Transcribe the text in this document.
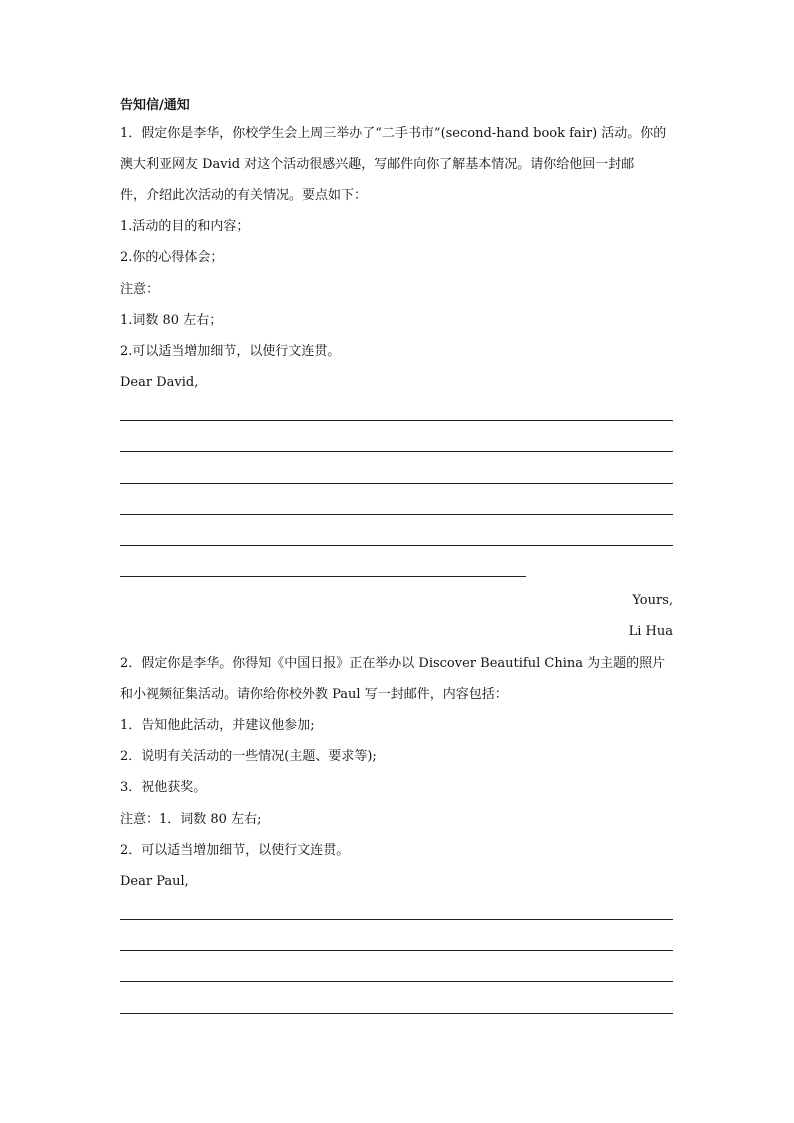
告知信/通知
1．假定你是李华，你校学生会上周三举办了“二手书市”(second-hand book fair) 活动。你的
澳大利亚网友 David 对这个活动很感兴趣，写邮件向你了解基本情况。请你给他回一封邮
件，介绍此次活动的有关情况。要点如下：
1.活动的目的和内容；
2.你的心得体会；
注意：
1.词数 80 左右；
2.可以适当增加细节，以使行文连贯。
Dear David,
Yours,
Li Hua
2．假定你是李华。你得知《中国日报》正在举办以 Discover Beautiful China 为主题的照片
和小视频征集活动。请你给你校外教 Paul 写一封邮件，内容包括：
1．告知他此活动，并建议他参加;
2．说明有关活动的一些情况(主题、要求等);
3．祝他获奖。
注意：1．词数 80 左右;
2．可以适当增加细节，以使行文连贯。
Dear Paul,
